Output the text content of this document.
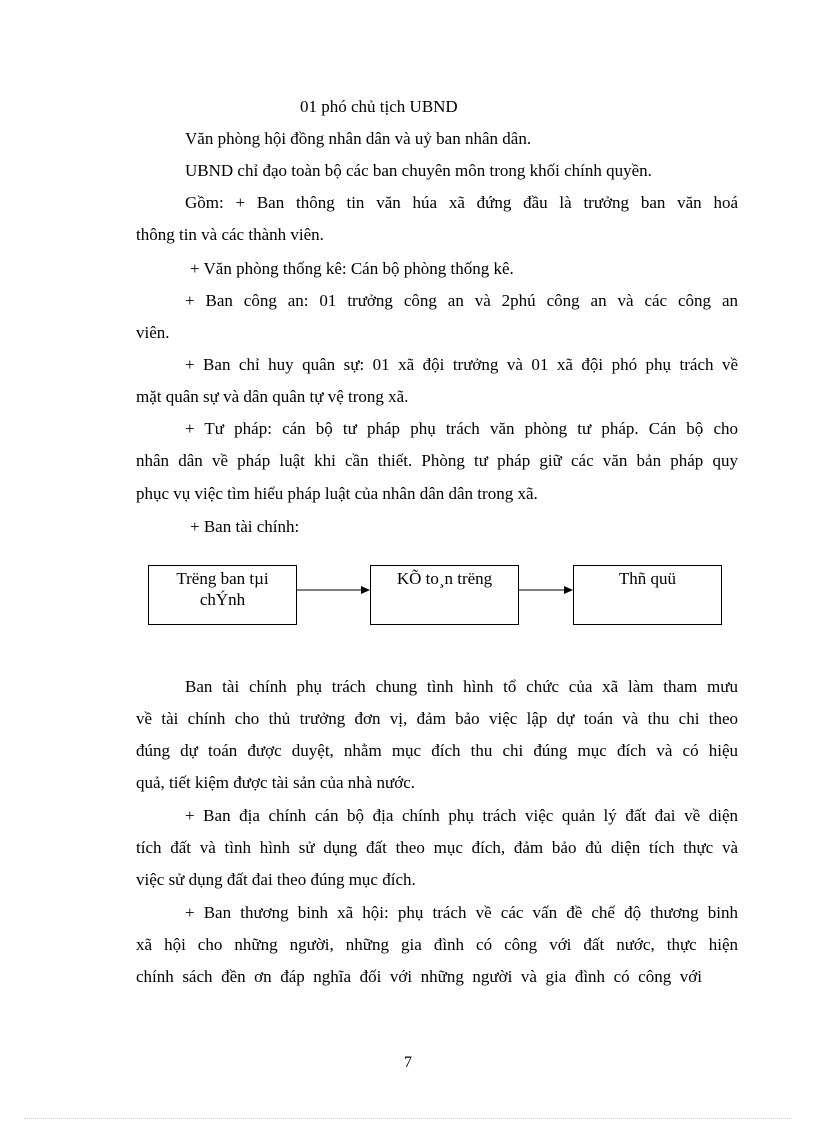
01 phó chủ tịch UBND
Văn phòng hội đồng nhân dân và uỷ ban nhân dân.
UBND chỉ đạo toàn bộ các ban chuyên môn trong khối chính quyền.
Gồm: + Ban thông tin văn húa xã đứng đầu là trưởng ban văn hoá
thông tin và các thành viên.
+ Văn phòng thống kê: Cán bộ phòng thống kê.
+ Ban công an: 01 trưởng công an và 2phú công an và các công an
viên.
+ Ban chỉ huy quân sự: 01 xã đội trưởng và 01 xã đội phó phụ trách về
mặt quân sự và dân quân tự vệ trong xã.
+ Tư pháp: cán bộ tư pháp phụ trách văn phòng tư pháp. Cán bộ cho
nhân dân về pháp luật khi cần thiết. Phòng tư pháp giữ các văn bản pháp quy
phục vụ việc tìm hiểu pháp luật của nhân dân dân trong xã.
+ Ban tài chính:
Trëng ban tµi
chÝnh
KÕ to¸n trëng	Thñ quü
Ban tài chính phụ trách chung tình hình tổ chức của xã làm tham mưu
về tài chính cho thủ trưởng đơn vị, đảm bảo việc lập dự toán và thu chi theo
đúng dự toán được duyệt, nhằm mục đích thu chi đúng mục đích và có hiệu
quả, tiết kiệm được tài sản của nhà nước.
+ Ban địa chính cán bộ địa chính phụ trách việc quản lý đất đai về diện
tích đất và tình hình sử dụng đất theo mục đích, đảm bảo đủ diện tích thực và
việc sử dụng đất đai theo đúng mục đích.
+ Ban thương binh xã hội: phụ trách về các vấn đề chế độ thương binh
xã hội cho những người, những gia đình có công với đất nước, thực hiện
chính sách đền ơn đáp nghĩa đối với những người và gia đình có công với
7
